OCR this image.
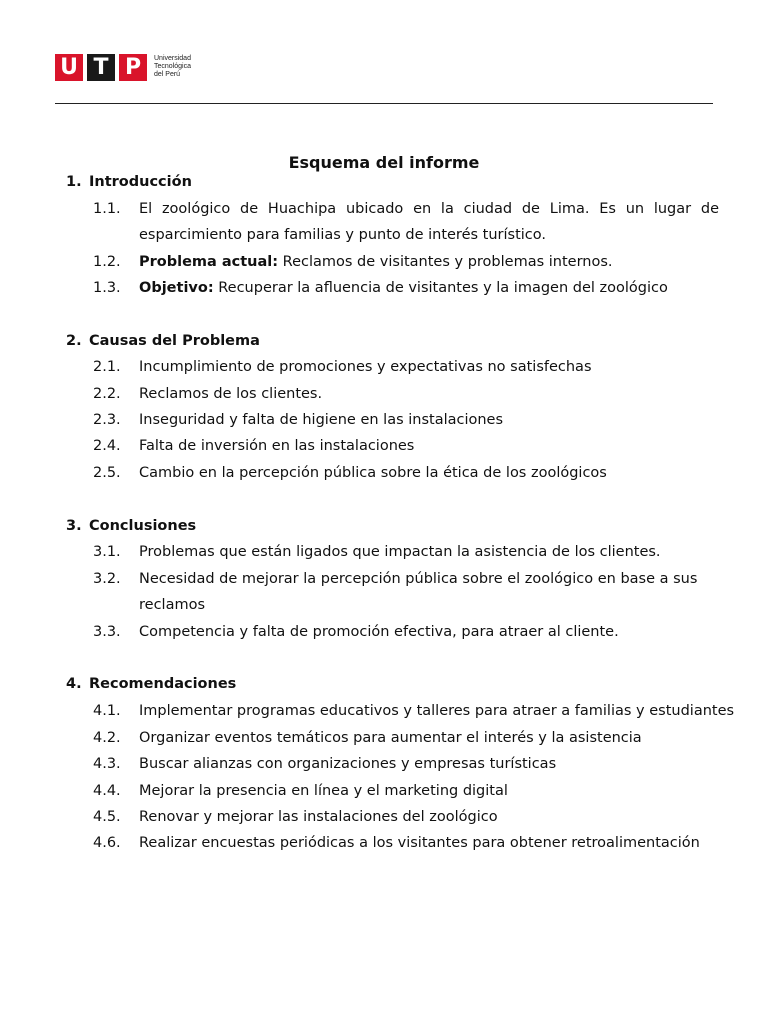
U T P	Universidad
Tecnológica
del Perú
Esquema del informe
1. Introducción
1.1. El zoológico de Huachipa ubicado en la ciudad de Lima. Es un lugar de
esparcimiento para familias y punto de interés turístico.
1.2. Problema actual: Reclamos de visitantes y problemas internos.
1.3. Objetivo: Recuperar la afluencia de visitantes y la imagen del zoológico
2. Causas del Problema
2.1. Incumplimiento de promociones y expectativas no satisfechas
2.2. Reclamos de los clientes.
2.3. Inseguridad y falta de higiene en las instalaciones
2.4. Falta de inversión en las instalaciones
2.5. Cambio en la percepción pública sobre la ética de los zoológicos
3. Conclusiones
3.1. Problemas que están ligados que impactan la asistencia de los clientes.
3.2. Necesidad de mejorar la percepción pública sobre el zoológico en base a sus
reclamos
3.3. Competencia y falta de promoción efectiva, para atraer al cliente.
4. Recomendaciones
4.1. Implementar programas educativos y talleres para atraer a familias y estudiantes
4.2. Organizar eventos temáticos para aumentar el interés y la asistencia
4.3. Buscar alianzas con organizaciones y empresas turísticas
4.4. Mejorar la presencia en línea y el marketing digital
4.5. Renovar y mejorar las instalaciones del zoológico
4.6. Realizar encuestas periódicas a los visitantes para obtener retroalimentación
